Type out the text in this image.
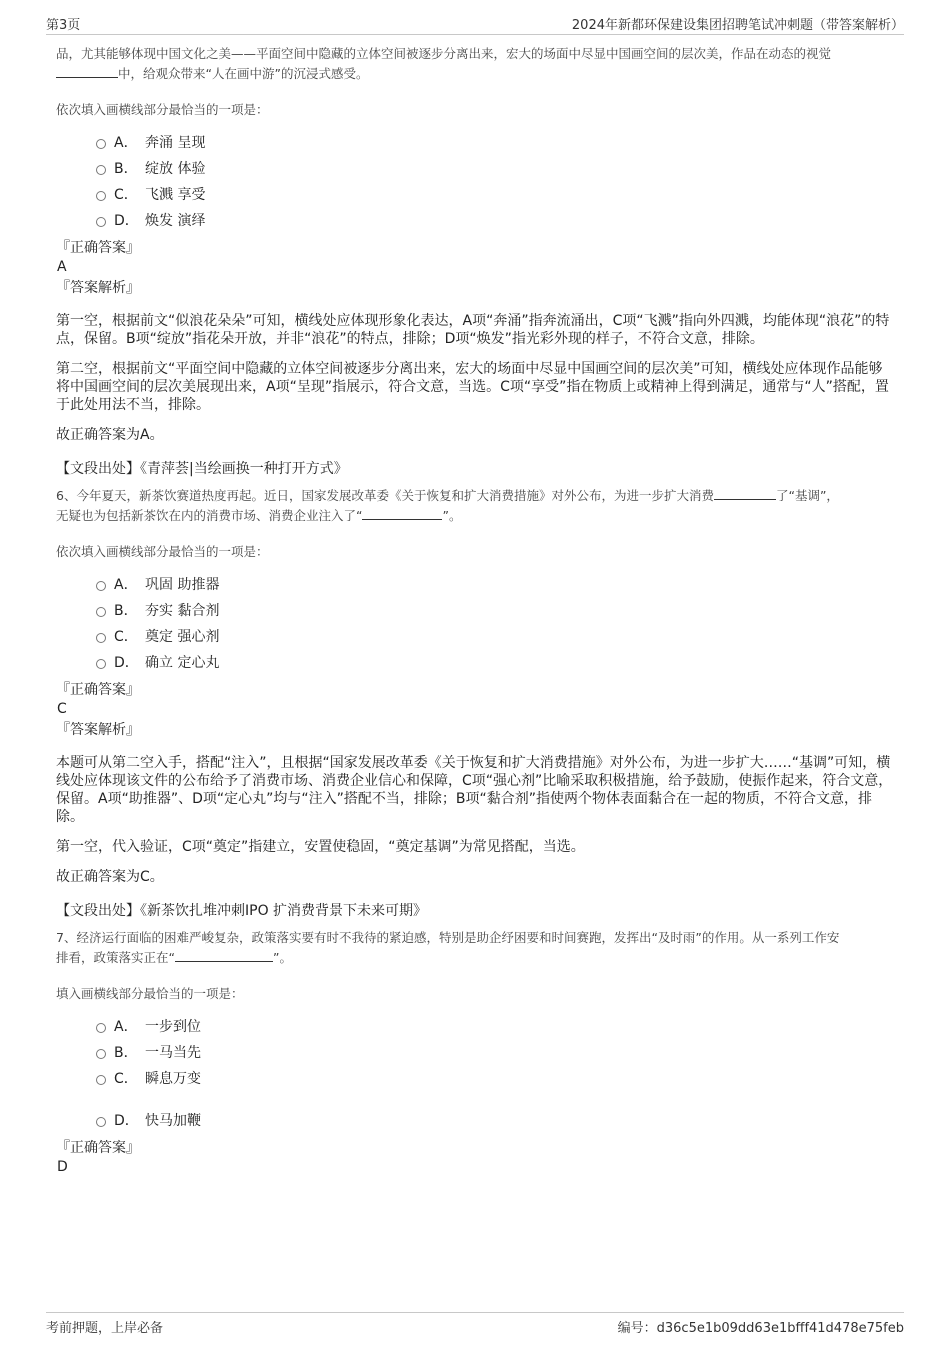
第3页	2024年新都环保建设集团招聘笔试冲刺题（带答案解析）

品，尤其能够体现中国文化之美——平面空间中隐藏的立体空间被逐步分离出来，宏大的场面中尽显中国画空间的层次美，作品在动态的视觉
中，给观众带来“人在画中游”的沉浸式感受。

依次填入画横线部分最恰当的一项是：

A． 奔涌 呈现
B． 绽放 体验
C． 飞溅 享受
D． 焕发 演绎

『正确答案』

A

『答案解析』

第一空，根据前文“似浪花朵朵”可知，横线处应体现形象化表达，A项“奔涌”指奔流涌出，C项“飞溅”指向外四溅，均能体现“浪花”的特点，保留。B项“绽放”指花朵开放，并非“浪花”的特点，排除；D项“焕发”指光彩外现的样子，不符合文意，排除。

第二空，根据前文“平面空间中隐藏的立体空间被逐步分离出来，宏大的场面中尽显中国画空间的层次美”可知，横线处应体现作品能够将中国画空间的层次美展现出来，A项“呈现”指展示，符合文意，当选。C项“享受”指在物质上或精神上得到满足，通常与“人”搭配，置于此处用法不当，排除。

故正确答案为A。

【文段出处】《青萍荟|当绘画换一种打开方式》

6、今年夏天，新茶饮赛道热度再起。近日，国家发展改革委《关于恢复和扩大消费措施》对外公布，为进一步扩大消费	了“基调”，
无疑也为包括新茶饮在内的消费市场、消费企业注入了“	”。

依次填入画横线部分最恰当的一项是：

A． 巩固 助推器
B． 夯实 黏合剂
C． 奠定 强心剂
D． 确立 定心丸

『正确答案』

C

『答案解析』

本题可从第二空入手，搭配“注入”，且根据“国家发展改革委《关于恢复和扩大消费措施》对外公布，为进一步扩大……“基调”可知，横线处应体现该文件的公布给予了消费市场、消费企业信心和保障，C项“强心剂”比喻采取积极措施，给予鼓励，使振作起来，符合文意，保留。A项“助推器”、D项“定心丸”均与“注入”搭配不当，排除；B项“黏合剂”指使两个物体表面黏合在一起的物质，不符合文意，排除。

第一空，代入验证，C项“奠定”指建立，安置使稳固，“奠定基调”为常见搭配，当选。

故正确答案为C。

【文段出处】《新茶饮扎堆冲刺IPO 扩消费背景下未来可期》

7、经济运行面临的困难严峻复杂，政策落实要有时不我待的紧迫感，特别是助企纾困要和时间赛跑，发挥出“及时雨”的作用。从一系列工作安
排看，政策落实正在“	”。

填入画横线部分最恰当的一项是：

A． 一步到位
B． 一马当先
C． 瞬息万变
D． 快马加鞭

『正确答案』

D

考前押题，上岸必备	编号：d36c5e1b09dd63e1bfff41d478e75feb
